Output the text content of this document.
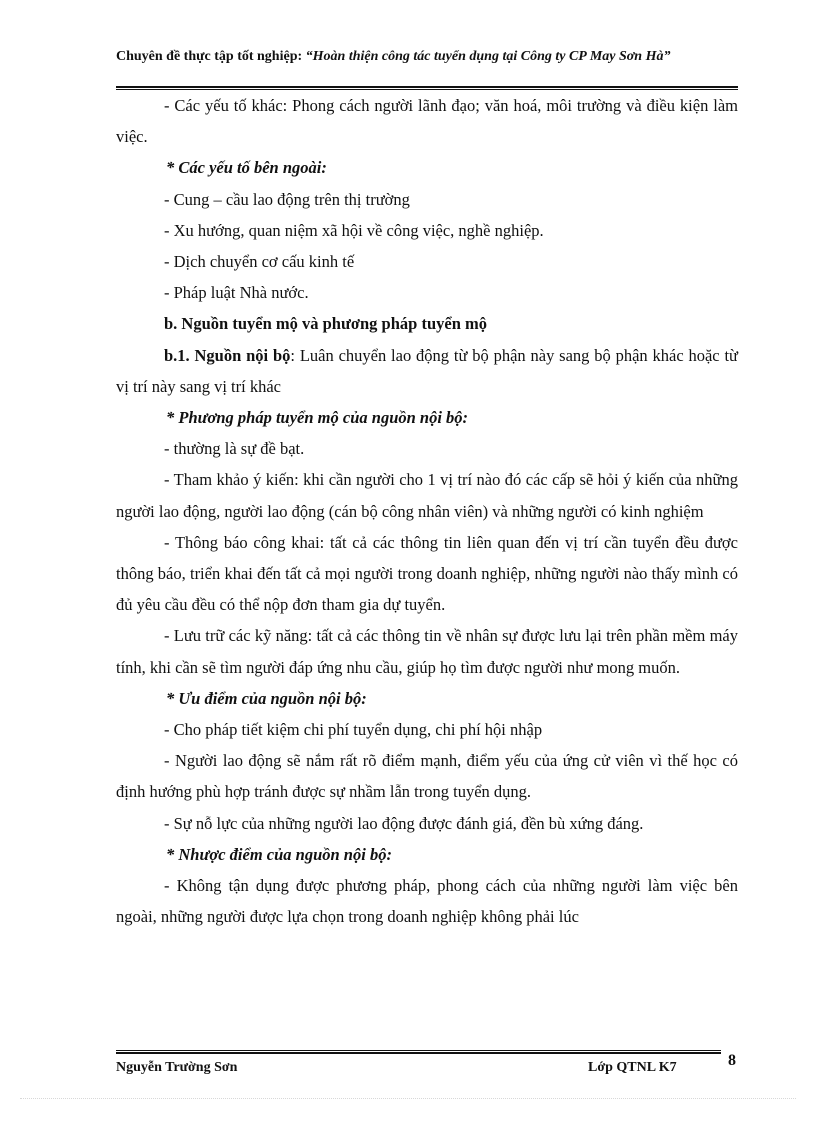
Chuyên đề thực tập tốt nghiệp: “Hoàn thiện công tác tuyển dụng tại Công ty CP May Sơn Hà”

- Các yếu tố khác: Phong cách người lãnh đạo; văn hoá, môi trường và điều kiện làm việc.

* Các yếu tố bên ngoài:

- Cung – cầu lao động trên thị trường

- Xu hướng, quan niệm xã hội về công việc, nghề nghiệp.

- Dịch chuyển cơ cấu kinh tế

- Pháp luật Nhà nước.

b. Nguồn tuyển mộ và phương pháp tuyển mộ

b.1. Nguồn nội bộ: Luân chuyển lao động từ bộ phận này sang bộ phận khác hoặc từ vị trí này sang vị trí khác

* Phương pháp tuyển mộ của nguồn nội bộ:

- thường là sự đề bạt.

- Tham khảo ý kiến: khi cần người cho 1 vị trí nào đó các cấp sẽ hỏi ý kiến của những người lao động, người lao động (cán bộ công nhân viên) và những người có kinh nghiệm

- Thông báo công khai: tất cả các thông tin liên quan đến vị trí cần tuyển đều được thông báo, triển khai đến tất cả mọi người trong doanh nghiệp, những người nào thấy mình có đủ yêu cầu đều có thể nộp đơn tham gia dự tuyển.

- Lưu trữ các kỹ năng: tất cả các thông tin về nhân sự được lưu lại trên phần mềm máy tính, khi cần sẽ tìm người đáp ứng nhu cầu, giúp họ tìm được người như mong muốn.

* Ưu điểm của nguồn nội bộ:

- Cho pháp tiết kiệm chi phí tuyển dụng, chi phí hội nhập

- Người lao động sẽ nắm rất rõ điểm mạnh, điểm yếu của ứng cử viên vì thế học có định hướng phù hợp tránh được sự nhầm lẫn trong tuyển dụng.

- Sự nỗ lực của những người lao động được đánh giá, đền bù xứng đáng.

* Nhược điểm của nguồn nội bộ:

- Không tận dụng được phương pháp, phong cách của những người làm việc bên ngoài, những người được lựa chọn trong doanh nghiệp không phải lúc

Nguyễn Trường Sơn	Lớp QTNL K7	8
